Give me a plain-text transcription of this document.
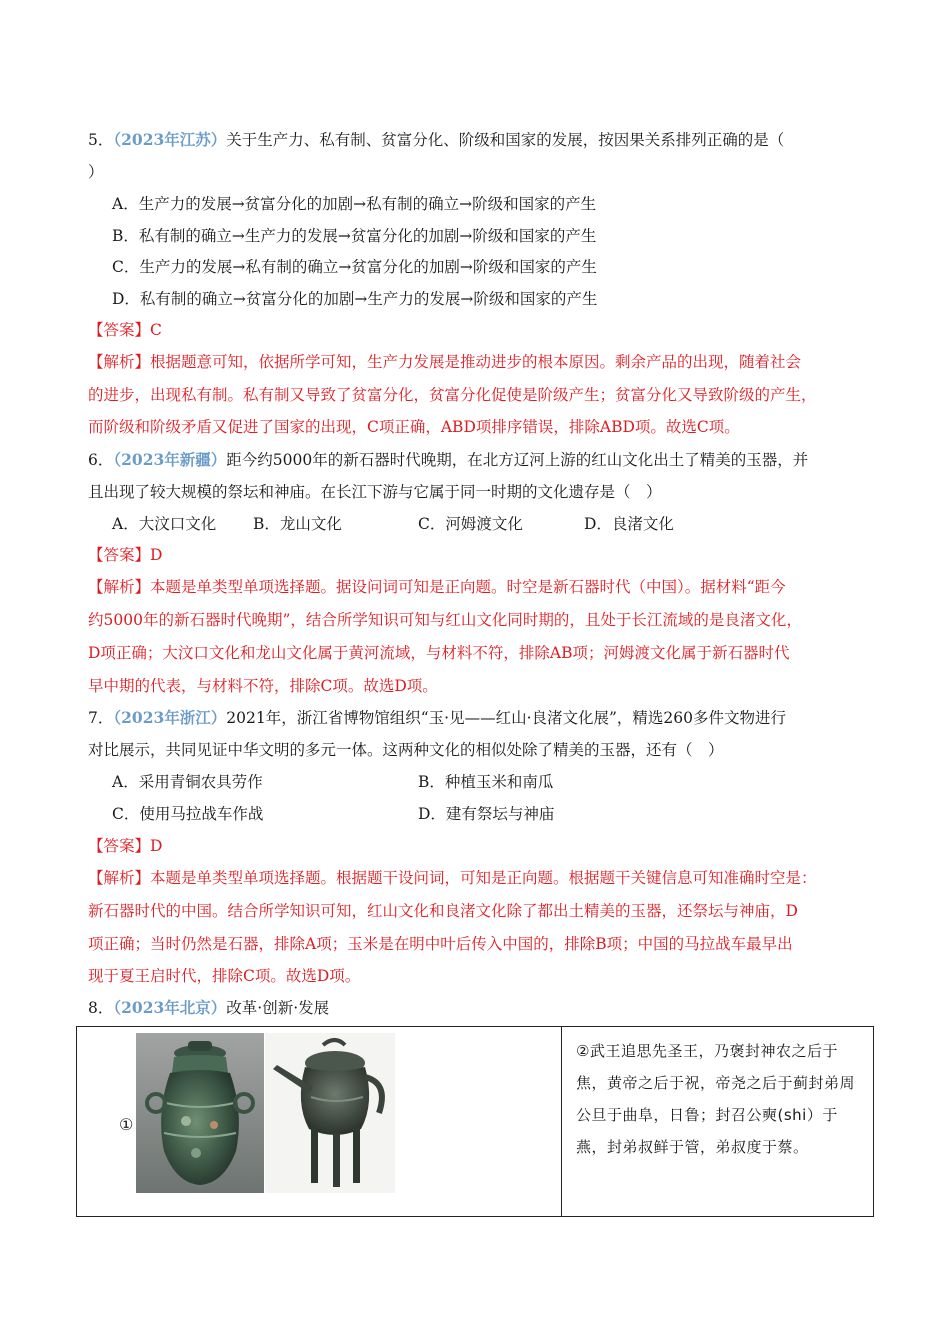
5．（2023年江苏）关于生产力、私有制、贫富分化、阶级和国家的发展，按因果关系排列正确的是（
）
A．生产力的发展→贫富分化的加剧→私有制的确立→阶级和国家的产生
B．私有制的确立→生产力的发展→贫富分化的加剧→阶级和国家的产生
C．生产力的发展→私有制的确立→贫富分化的加剧→阶级和国家的产生
D．私有制的确立→贫富分化的加剧→生产力的发展→阶级和国家的产生
【答案】C
【解析】根据题意可知，依据所学可知，生产力发展是推动进步的根本原因。剩余产品的出现，随着社会
的进步，出现私有制。私有制又导致了贫富分化，贫富分化促使是阶级产生；贫富分化又导致阶级的产生，
而阶级和阶级矛盾又促进了国家的出现，C项正确，ABD项排序错误，排除ABD项。故选C项。
6．（2023年新疆）距今约5000年的新石器时代晚期，在北方辽河上游的红山文化出土了精美的玉器，并
且出现了较大规模的祭坛和神庙。在长江下游与它属于同一时期的文化遗存是（　）
A．大汶口文化 B．龙山文化	C．河姆渡文化	D．良渚文化
【答案】D
【解析】本题是单类型单项选择题。据设问词可知是正向题。时空是新石器时代（中国）。据材料“距今
约5000年的新石器时代晚期”，结合所学知识可知与红山文化同时期的，且处于长江流域的是良渚文化，
D项正确；大汶口文化和龙山文化属于黄河流域，与材料不符，排除AB项；河姆渡文化属于新石器时代
早中期的代表，与材料不符，排除C项。故选D项。
7．（2023年浙江）2021年，浙江省博物馆组织“玉·见——红山·良渚文化展”，精选260多件文物进行
对比展示，共同见证中华文明的多元一体。这两种文化的相似处除了精美的玉器，还有（　）
A．采用青铜农具劳作	B．种植玉米和南瓜
C．使用马拉战车作战	D．建有祭坛与神庙
【答案】D
【解析】本题是单类型单项选择题。根据题干设问词，可知是正向题。根据题干关键信息可知准确时空是：
新石器时代的中国。结合所学知识可知，红山文化和良渚文化除了都出土精美的玉器，还祭坛与神庙，D
项正确；当时仍然是石器，排除A项；玉米是在明中叶后传入中国的，排除B项；中国的马拉战车最早出
现于夏王启时代，排除C项。故选D项。
8．（2023年北京）改革·创新·发展
①

②武王追思先圣王，乃褒封神农之后于焦，黄帝之后于祝，帝尧之后于蓟封弟周公旦于曲阜，日鲁；封召公奭(shi）于燕，封弟叔鲜于管，弟叔度于蔡。
